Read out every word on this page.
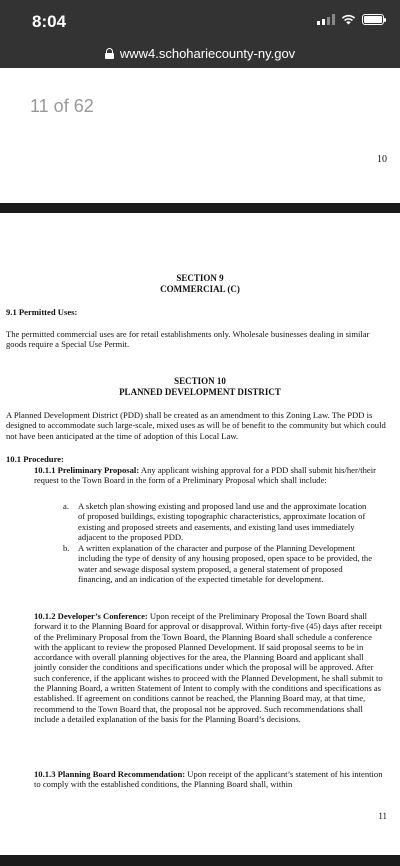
8:04
www4.schohariecounty-ny.gov
11 of 62
10
SECTION 9
COMMERCIAL (C)
9.1 Permitted Uses:
The permitted commercial uses are for retail establishments only. Wholesale businesses dealing in similar goods require a Special Use Permit.
SECTION 10
PLANNED DEVELOPMENT DISTRICT
A Planned Development District (PDD) shall be created as an amendment to this Zoning Law. The PDD is designed to accommodate such large-scale, mixed uses as will be of benefit to the community but which could not have been anticipated at the time of adoption of this Local Law.
10.1 Procedure:
10.1.1 Preliminary Proposal: Any applicant wishing approval for a PDD shall submit his/her/their request to the Town Board in the form of a Preliminary Proposal which shall include:
a. A sketch plan showing existing and proposed land use and the approximate location of proposed buildings, existing topographic characteristics, approximate location of existing and proposed streets and easements, and existing land uses immediately adjacent to the proposed PDD.
b. A written explanation of the character and purpose of the Planning Development including the type of density of any housing proposed, open space to be provided, the water and sewage disposal system proposed, a general statement of proposed financing, and an indication of the expected timetable for development.
10.1.2 Developer’s Conference: Upon receipt of the Preliminary Proposal the Town Board shall forward it to the Planning Board for approval or disapproval. Within forty-five (45) days after receipt of the Preliminary Proposal from the Town Board, the Planning Board shall schedule a conference with the applicant to review the proposed Planned Development. If said proposal seems to be in accordance with overall planning objectives for the area, the Planning Board and applicant shall jointly consider the conditions and specifications under which the proposal will be approved. After such conference, if the applicant wishes to proceed with the Planned Development, he shall submit to the Planning Board, a written Statement of Intent to comply with the conditions and specifications as established. If agreement on conditions cannot be reached, the Planning Board may, at that time, recommend to the Town Board that, the proposal not be approved. Such recommendations shall include a detailed explanation of the basis for the Planning Board’s decisions.
10.1.3 Planning Board Recommendation: Upon receipt of the applicant’s statement of his intention to comply with the established conditions, the Planning Board shall, within
11
